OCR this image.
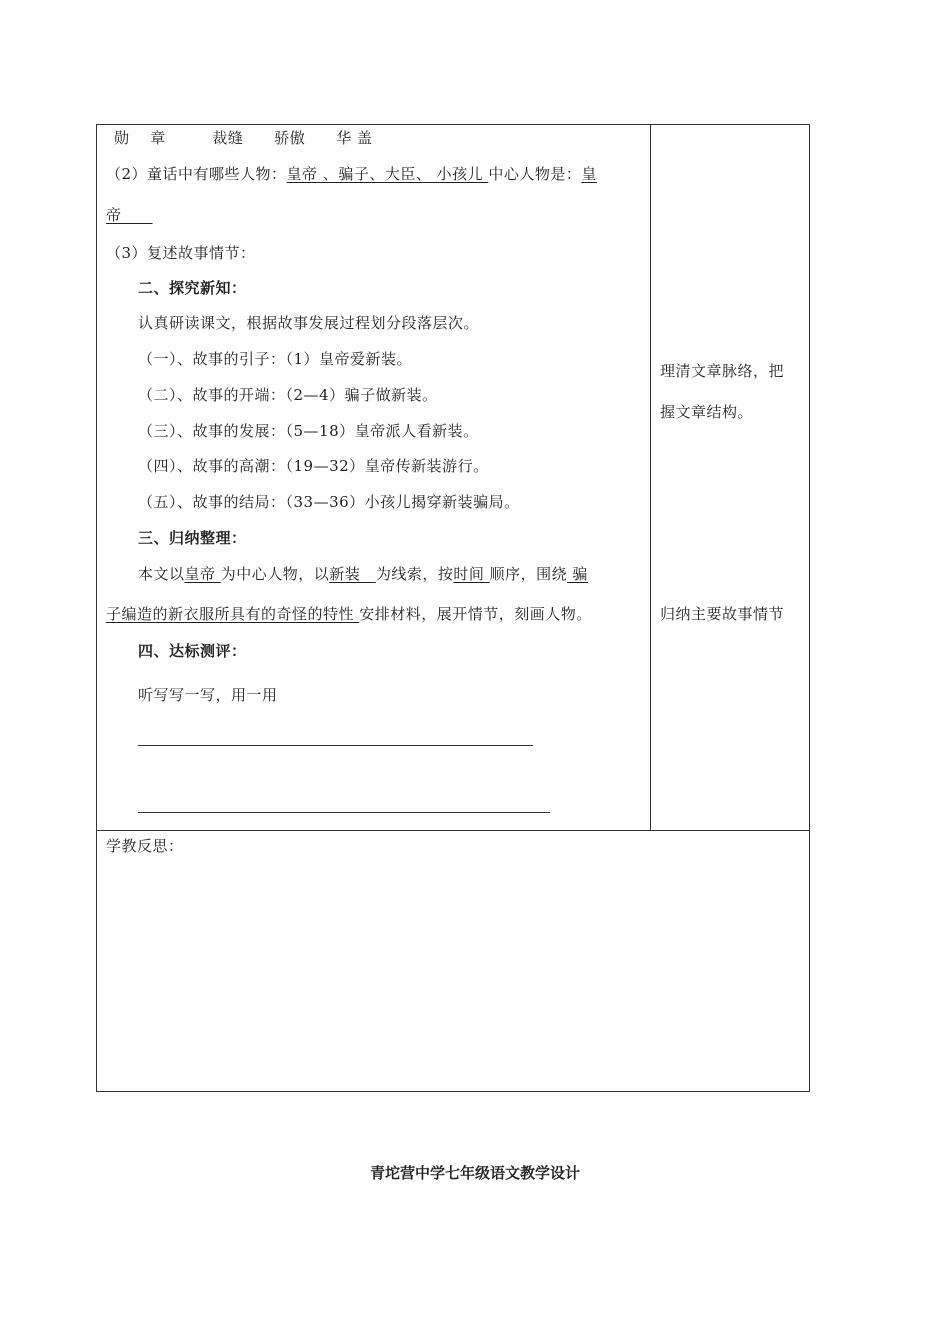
勋　 章　　　裁缝　　骄傲　　华 盖
（2）童话中有哪些人物：皇帝 、骗子、大臣、 小孩儿 中心人物是：皇
帝　　
（3）复述故事情节：
二、探究新知：
认真研读课文，根据故事发展过程划分段落层次。
（一）、故事的引子：（1）皇帝爱新装。
（二）、故事的开端：（2—4）骗子做新装。
（三）、故事的发展：（5—18）皇帝派人看新装。
（四）、故事的高潮：（19—32）皇帝传新装游行。
（五）、故事的结局：（33—36）小孩儿揭穿新装骗局。
三、归纳整理：
本文以皇帝 为中心人物，以新装　为线索，按时间 顺序，围绕 骗
子编造的新衣服所具有的奇怪的特性 安排材料，展开情节，刻画人物。
四、达标测评：
听写写一写，用一用
理清文章脉络，把
握文章结构。
归纳主要故事情节
学教反思：
青坨营中学七年级语文教学设计
